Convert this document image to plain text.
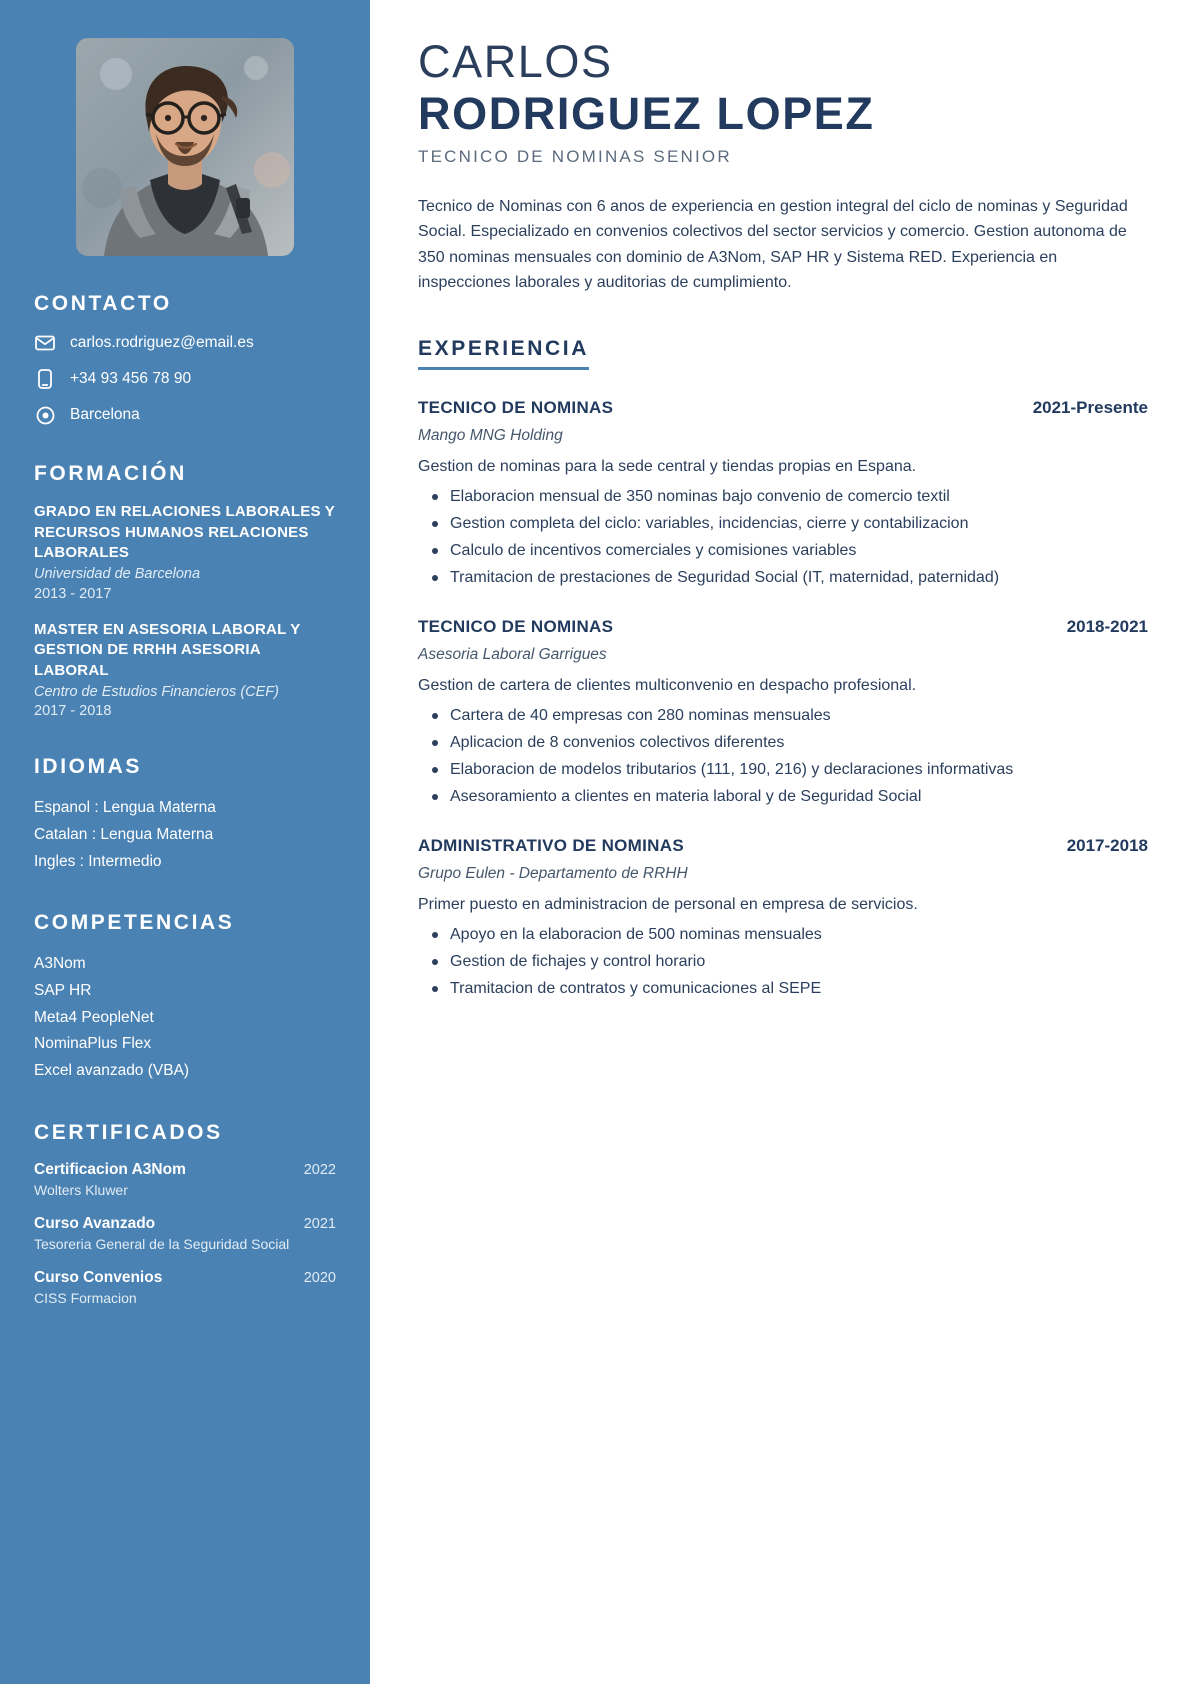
CONTACTO
carlos.rodriguez@email.es
+34 93 456 78 90
Barcelona
FORMACIÓN
GRADO EN RELACIONES LABORALES Y RECURSOS HUMANOS RELACIONES LABORALES
Universidad de Barcelona
2013 - 2017
MASTER EN ASESORIA LABORAL Y GESTION DE RRHH ASESORIA LABORAL
Centro de Estudios Financieros (CEF)
2017 - 2018
IDIOMAS
Espanol : Lengua Materna
Catalan : Lengua Materna
Ingles : Intermedio
COMPETENCIAS
A3Nom
SAP HR
Meta4 PeopleNet
NominaPlus Flex
Excel avanzado (VBA)
CERTIFICADOS
Certificacion A3Nom	2022
Wolters Kluwer
Curso Avanzado	2021
Tesoreria General de la Seguridad Social
Curso Convenios	2020
CISS Formacion
CARLOS
RODRIGUEZ LOPEZ
TECNICO DE NOMINAS SENIOR

Tecnico de Nominas con 6 anos de experiencia en gestion integral del ciclo de nominas y Seguridad Social. Especializado en convenios colectivos del sector servicios y comercio. Gestion autonoma de 350 nominas mensuales con dominio de A3Nom, SAP HR y Sistema RED. Experiencia en inspecciones laborales y auditorias de cumplimiento.

EXPERIENCIA
TECNICO DE NOMINAS	2021-Presente
Mango MNG Holding
Gestion de nominas para la sede central y tiendas propias en Espana.
Elaboracion mensual de 350 nominas bajo convenio de comercio textil
Gestion completa del ciclo: variables, incidencias, cierre y contabilizacion
Calculo de incentivos comerciales y comisiones variables
Tramitacion de prestaciones de Seguridad Social (IT, maternidad, paternidad)
TECNICO DE NOMINAS	2018-2021
Asesoria Laboral Garrigues
Gestion de cartera de clientes multiconvenio en despacho profesional.
Cartera de 40 empresas con 280 nominas mensuales
Aplicacion de 8 convenios colectivos diferentes
Elaboracion de modelos tributarios (111, 190, 216) y declaraciones informativas
Asesoramiento a clientes en materia laboral y de Seguridad Social
ADMINISTRATIVO DE NOMINAS	2017-2018
Grupo Eulen - Departamento de RRHH
Primer puesto en administracion de personal en empresa de servicios.
Apoyo en la elaboracion de 500 nominas mensuales
Gestion de fichajes y control horario
Tramitacion de contratos y comunicaciones al SEPE
